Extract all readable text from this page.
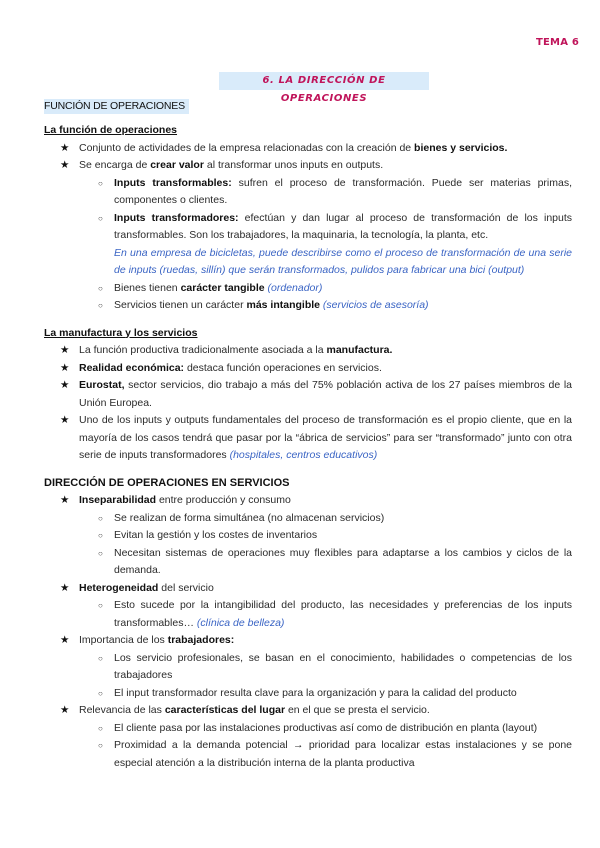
TEMA 6
6. LA DIRECCIÓN DE OPERACIONES
FUNCIÓN DE OPERACIONES
La función de operaciones
★ Conjunto de actividades de la empresa relacionadas con la creación de bienes y servicios.
★ Se encarga de crear valor al transformar unos inputs en outputs.
○ Inputs transformables: sufren el proceso de transformación. Puede ser materias primas, componentes o clientes.
○ Inputs transformadores: efectúan y dan lugar al proceso de transformación de los inputs transformables. Son los trabajadores, la maquinaria, la tecnología, la planta, etc.
En una empresa de bicicletas, puede describirse como el proceso de transformación de una serie de inputs (ruedas, sillín) que serán transformados, pulidos para fabricar una bici (output)
○ Bienes tienen carácter tangible (ordenador)
○ Servicios tienen un carácter más intangible (servicios de asesoría)
La manufactura y los servicios
★ La función productiva tradicionalmente asociada a la manufactura.
★ Realidad económica: destaca función operaciones en servicios.
★ Eurostat, sector servicios, dio trabajo a más del 75% población activa de los 27 países miembros de la Unión Europea.
★ Uno de los inputs y outputs fundamentales del proceso de transformación es el propio cliente, que en la mayoría de los casos tendrá que pasar por la “ábrica de servicios” para ser “transformado” junto con otra serie de inputs transformadores (hospitales, centros educativos)
DIRECCIÓN DE OPERACIONES EN SERVICIOS
★ Inseparabilidad entre producción y consumo
○ Se realizan de forma simultánea (no almacenan servicios)
○ Evitan la gestión y los costes de inventarios
○ Necesitan sistemas de operaciones muy flexibles para adaptarse a los cambios y ciclos de la demanda.
★ Heterogeneidad del servicio
○ Esto sucede por la intangibilidad del producto, las necesidades y preferencias de los inputs transformables… (clínica de belleza)
★ Importancia de los trabajadores:
○ Los servicio profesionales, se basan en el conocimiento, habilidades o competencias de los trabajadores
○ El input transformador resulta clave para la organización y para la calidad del producto
★ Relevancia de las características del lugar en el que se presta el servicio.
○ El cliente pasa por las instalaciones productivas así como de distribución en planta (layout)
○ Proximidad a la demanda potencial → prioridad para localizar estas instalaciones y se pone especial atención a la distribución interna de la planta productiva
